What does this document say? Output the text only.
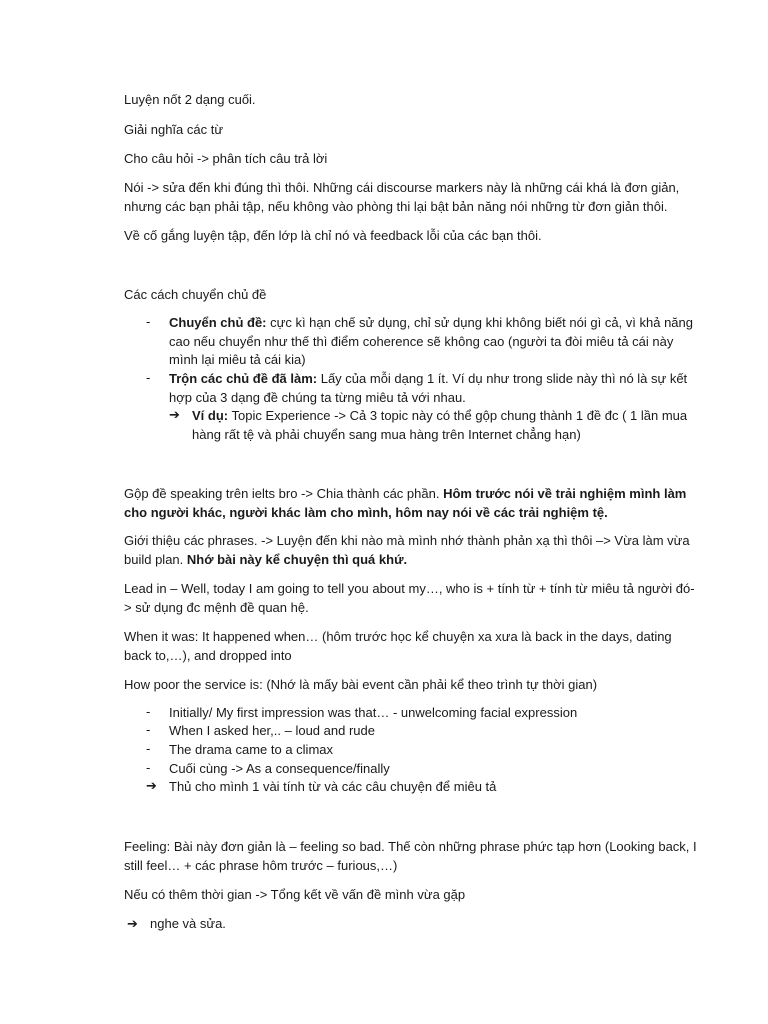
Luyện nốt 2 dạng cuối.

Giải nghĩa các từ

Cho câu hỏi -> phân tích câu trả lời

Nói -> sửa đến khi đúng thì thôi. Những cái discourse markers này là những cái khá là đơn giản, nhưng các bạn phải tập, nếu không vào phòng thi lại bật bản năng nói những từ đơn giản thôi.

Về cố gắng luyện tập, đến lớp là chỉ nó và feedback lỗi của các bạn thôi.

Các cách chuyển chủ đề

-	Chuyển chủ đề: cực kì hạn chế sử dụng, chỉ sử dụng khi không biết nói gì cả, vì khả năng cao nếu chuyển như thế thì điểm coherence sẽ không cao (người ta đòi miêu tả cái này mình lại miêu tả cái kia)
-	Trộn các chủ đề đã làm: Lấy của mỗi dạng 1 ít. Ví dụ như trong slide này thì nó là sự kết hợp của 3 dạng đề chúng ta từng miêu tả với nhau.
➔ Ví dụ: Topic Experience -> Cả 3 topic này có thể gộp chung thành 1 đề đc ( 1 lần mua hàng rất tệ và phải chuyển sang mua hàng trên Internet chẳng hạn)

Gộp đề speaking trên ielts bro -> Chia thành các phần. Hôm trước nói về trải nghiệm mình làm cho người khác, người khác làm cho mình, hôm nay nói về các trải nghiệm tệ.

Giới thiệu các phrases. -> Luyện đến khi nào mà mình nhớ thành phản xạ thì thôi –> Vừa làm vừa build plan. Nhớ bài này kể chuyện thì quá khứ.

Lead in – Well, today I am going to tell you about my…, who is + tính từ + tính từ miêu tả người đó-> sử dụng đc mệnh đề quan hệ.

When it was: It happened when… (hôm trước học kể chuyện xa xưa là back in the days, dating back to,…), and dropped into

How poor the service is: (Nhớ là mấy bài event cần phải kể theo trình tự thời gian)

-	Initially/ My first impression was that… - unwelcoming facial expression
-	When I asked her,.. – loud and rude
-	The drama came to a climax
-	Cuối cùng -> As a consequence/finally
➔ Thủ cho mình 1 vài tính từ và các câu chuyện để miêu tả

Feeling: Bài này đơn giản là – feeling so bad. Thế còn những phrase phức tạp hơn (Looking back, I still feel… + các phrase hôm trước – furious,…)

Nếu có thêm thời gian -> Tổng kết về vấn đề mình vừa gặp

➔ nghe và sửa.
